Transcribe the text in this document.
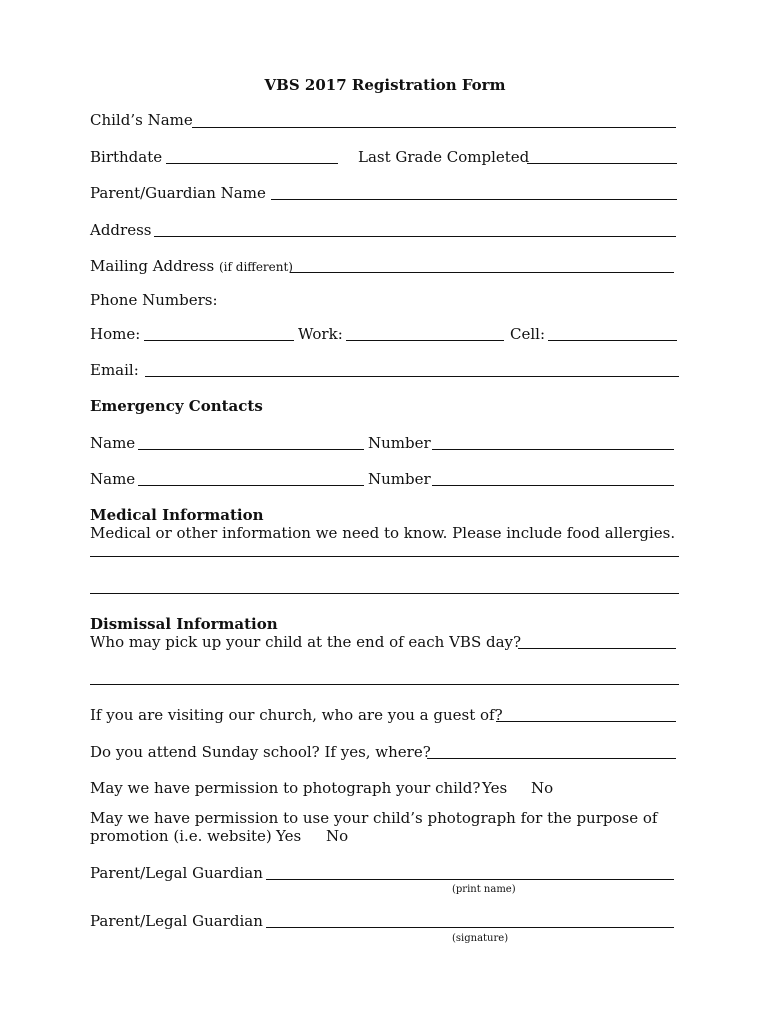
VBS 2017 Registration Form
Child’s Name
Birthdate	Last Grade Completed
Parent/Guardian Name
Address
Mailing Address (if different)
Phone Numbers:
Home:	Work:	Cell:
Email:
Emergency Contacts
Name	Number
Name	Number
Medical Information
Medical or other information we need to know. Please include food allergies.
Dismissal Information
Who may pick up your child at the end of each VBS day?
If you are visiting our church, who are you a guest of?
Do you attend Sunday school? If yes, where?
May we have permission to photograph your child? Yes No
May we have permission to use your child’s photograph for the purpose of
promotion (i.e. website) Yes No
Parent/Legal Guardian
(print name)
Parent/Legal Guardian
(signature)
